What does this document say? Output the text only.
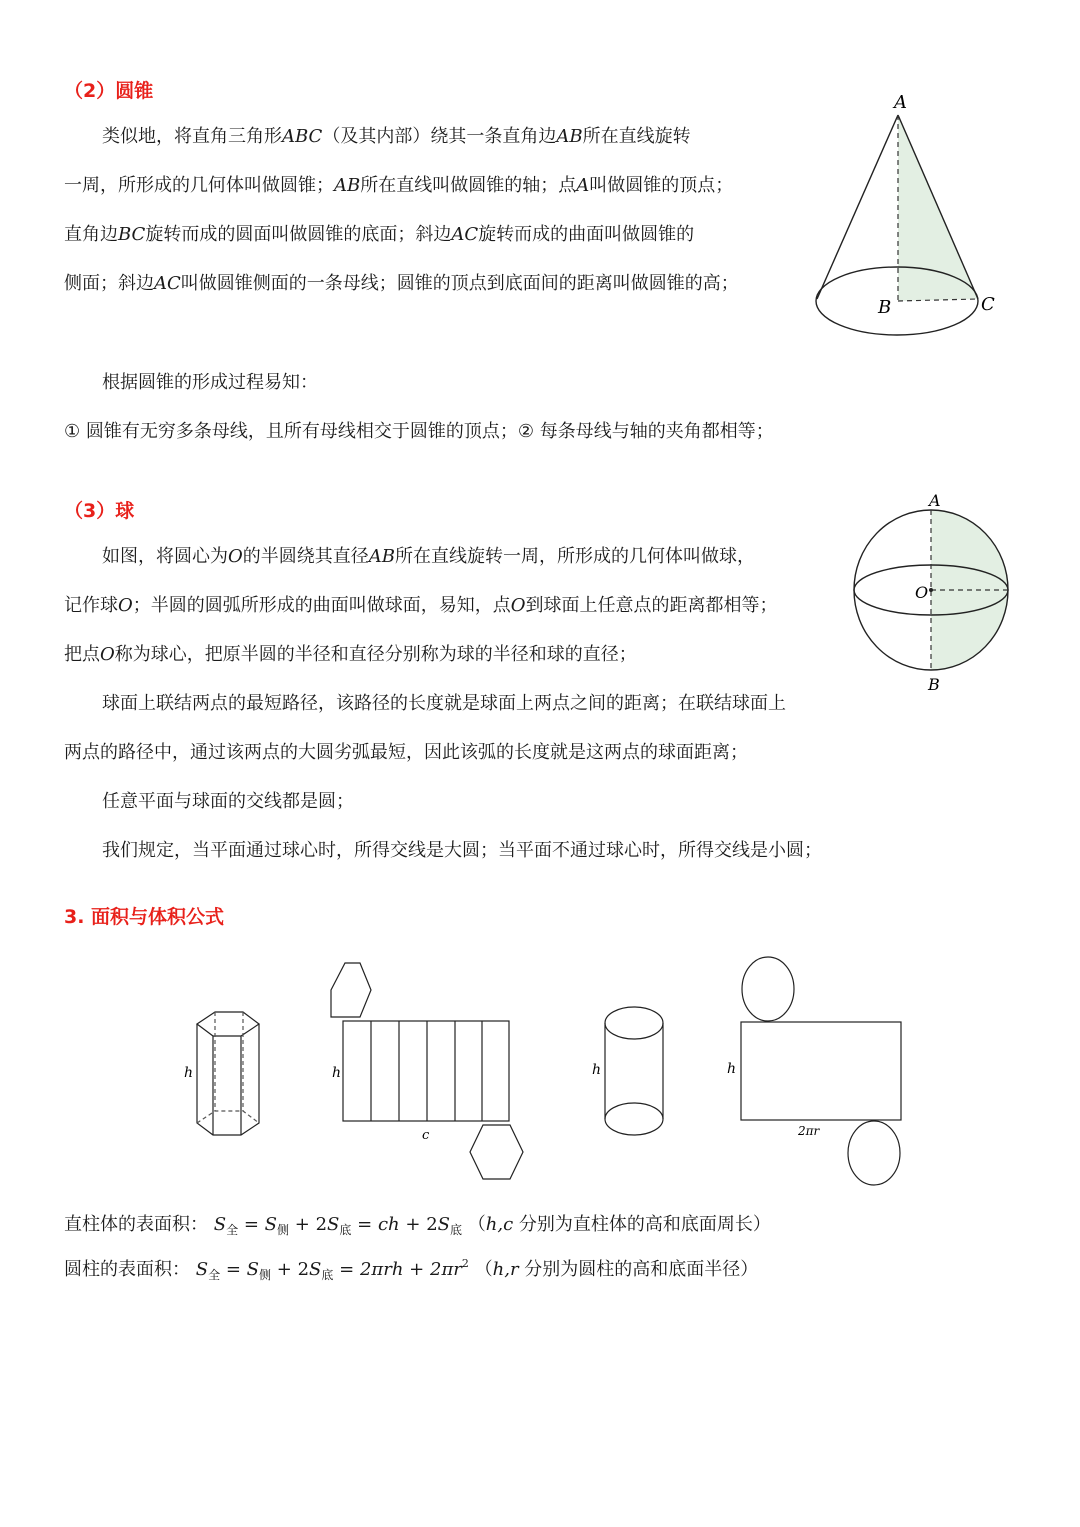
（2）圆锥
类似地，将直角三角形ABC（及其内部）绕其一条直角边AB所在直线旋转
一周，所形成的几何体叫做圆锥；AB所在直线叫做圆锥的轴；点A叫做圆锥的顶点；
直角边BC旋转而成的圆面叫做圆锥的底面；斜边AC旋转而成的曲面叫做圆锥的
侧面；斜边AC叫做圆锥侧面的一条母线；圆锥的顶点到底面间的距离叫做圆锥的高；
A
B	C
根据圆锥的形成过程易知：
① 圆锥有无穷多条母线，且所有母线相交于圆锥的顶点；② 每条母线与轴的夹角都相等；
（3）球
如图，将圆心为O的半圆绕其直径AB所在直线旋转一周，所形成的几何体叫做球，
记作球O；半圆的圆弧所形成的曲面叫做球面，易知，点O到球面上任意点的距离都相等；
把点O称为球心，把原半圆的半径和直径分别称为球的半径和球的直径；
A
O
B
球面上联结两点的最短路径，该路径的长度就是球面上两点之间的距离；在联结球面上
两点的路径中，通过该两点的大圆劣弧最短，因此该弧的长度就是这两点的球面距离；
任意平面与球面的交线都是圆；
我们规定，当平面通过球心时，所得交线是大圆；当平面不通过球心时，所得交线是小圆；
3. 面积与体积公式
h	h
c
h	h
2πr
直柱体的表面积： $S_全 = S_侧 + 2S_底$ = ch + $2S_底$ （h,c 分别为直柱体的高和底面周长）
圆柱的表面积： $S_全 = S_侧 + 2S_底 = 2\pi rh + 2\pi r^2$ （h,r 分别为圆柱的高和底面半径）
